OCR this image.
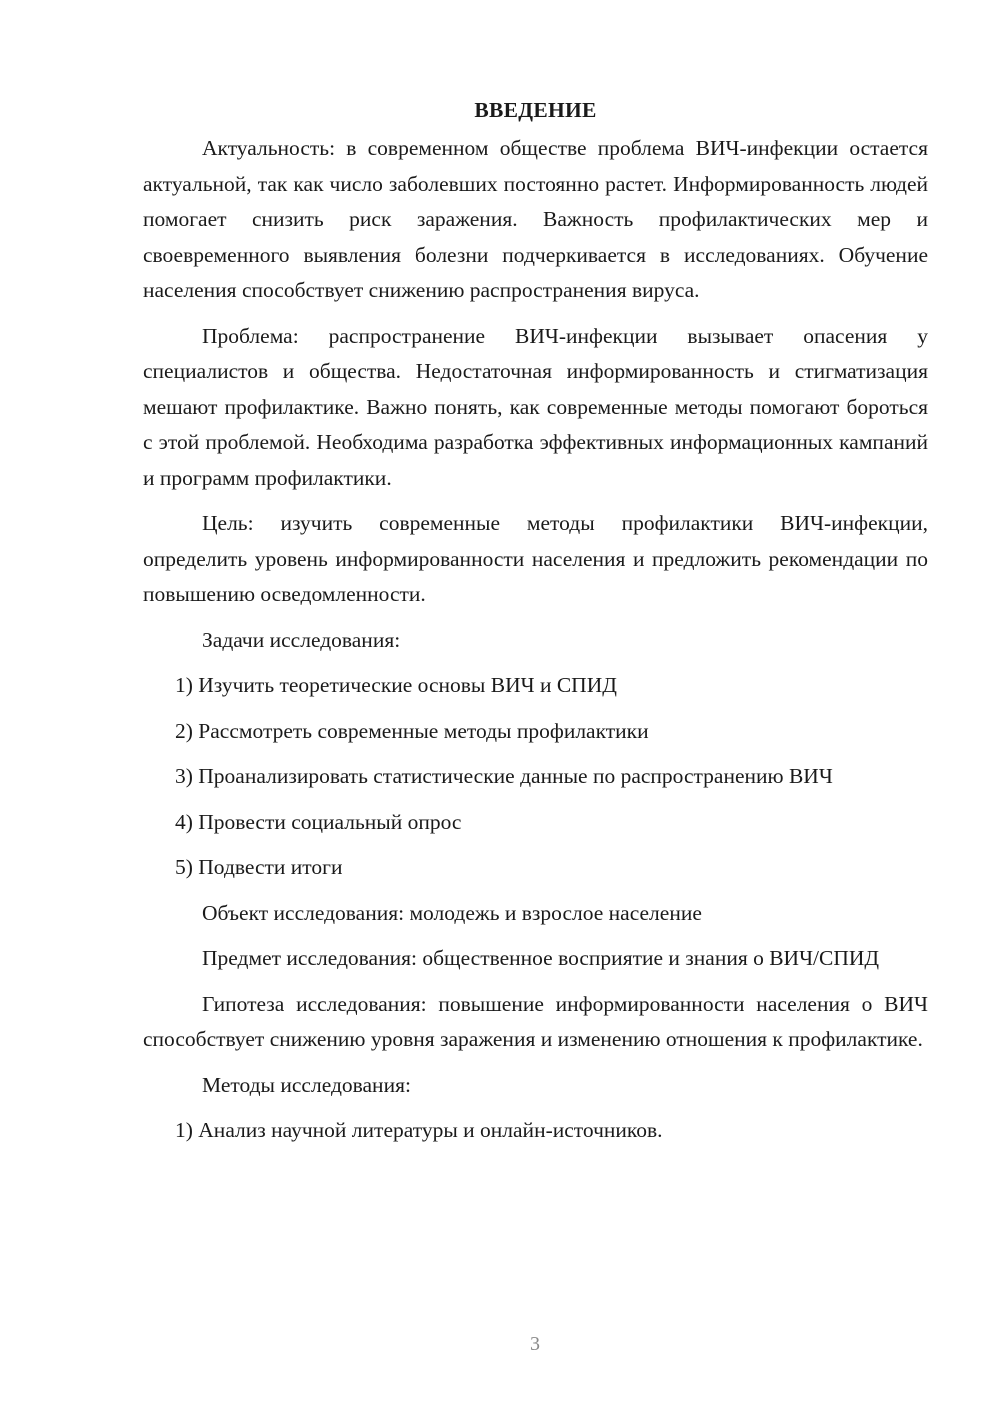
ВВЕДЕНИЕ

Актуальность: в современном обществе проблема ВИЧ-инфекции остается актуальной, так как число заболевших постоянно растет. Информированность людей помогает снизить риск заражения. Важность профилактических мер и своевременного выявления болезни подчеркивается в исследованиях. Обучение населения способствует снижению распространения вируса.

Проблема: распространение ВИЧ-инфекции вызывает опасения у специалистов и общества. Недостаточная информированность и стигматизация мешают профилактике. Важно понять, как современные методы помогают бороться с этой проблемой. Необходима разработка эффективных информационных кампаний и программ профилактики.

Цель: изучить современные методы профилактики ВИЧ-инфекции, определить уровень информированности населения и предложить рекомендации по повышению осведомленности.

Задачи исследования:

1) Изучить теоретические основы ВИЧ и СПИД

2) Рассмотреть современные методы профилактики

3) Проанализировать статистические данные по распространению ВИЧ

4) Провести социальный опрос

5) Подвести итоги

Объект исследования: молодежь и взрослое население

Предмет исследования: общественное восприятие и знания о ВИЧ/СПИД

Гипотеза исследования: повышение информированности населения о ВИЧ способствует снижению уровня заражения и изменению отношения к профилактике.

Методы исследования:

1) Анализ научной литературы и онлайн-источников.

3
